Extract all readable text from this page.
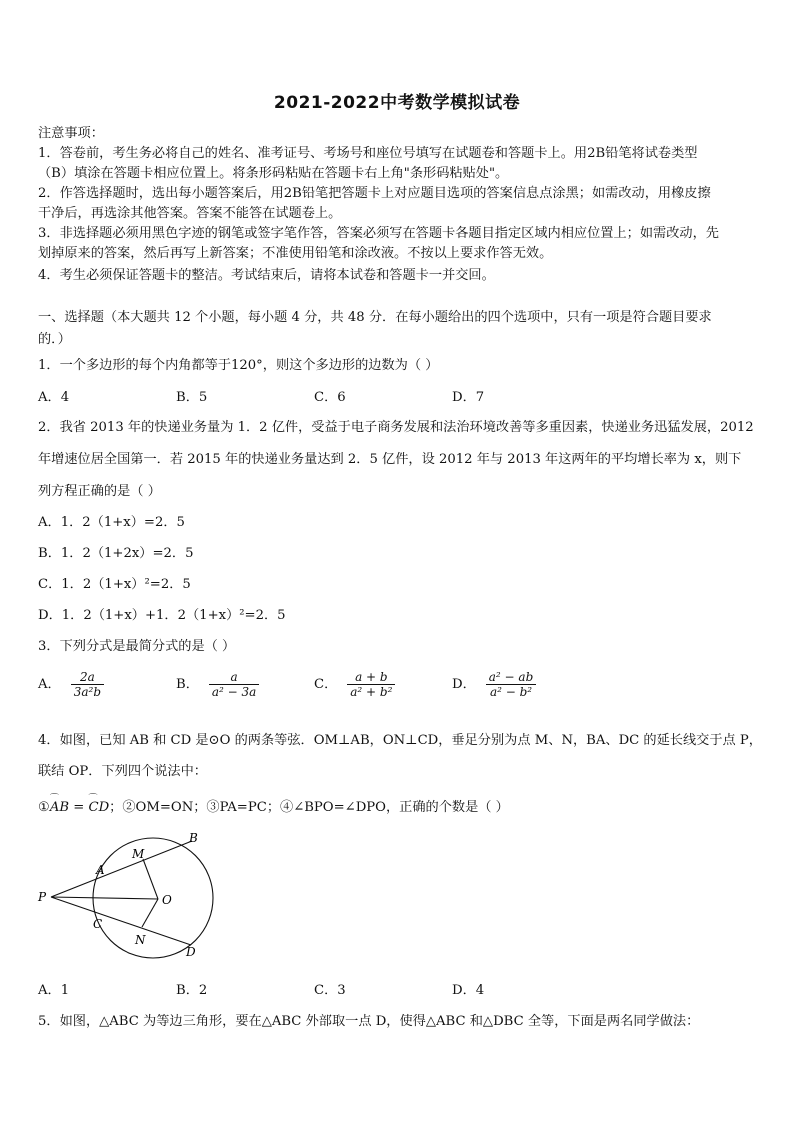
2021-2022中考数学模拟试卷
注意事项：
1．答卷前，考生务必将自己的姓名、准考证号、考场号和座位号填写在试题卷和答题卡上。用2B铅笔将试卷类型
（B）填涂在答题卡相应位置上。将条形码粘贴在答题卡右上角"条形码粘贴处"。
2．作答选择题时，选出每小题答案后，用2B铅笔把答题卡上对应题目选项的答案信息点涂黑；如需改动，用橡皮擦
干净后，再选涂其他答案。答案不能答在试题卷上。
3．非选择题必须用黑色字迹的钢笔或签字笔作答，答案必须写在答题卡各题目指定区域内相应位置上；如需改动，先
划掉原来的答案，然后再写上新答案；不准使用铅笔和涂改液。不按以上要求作答无效。
4．考生必须保证答题卡的整洁。考试结束后，请将本试卷和答题卡一并交回。
一、选择题（本大题共 12 个小题，每小题 4 分，共 48 分．在每小题给出的四个选项中，只有一项是符合题目要求
的．）
1．一个多边形的每个内角都等于120°，则这个多边形的边数为（ ）
A．4	B．5	C．6	D．7
2．我省 2013 年的快递业务量为 1．2 亿件，受益于电子商务发展和法治环境改善等多重因素，快递业务迅猛发展，2012
年增速位居全国第一．若 2015 年的快递业务量达到 2．5 亿件，设 2012 年与 2013 年这两年的平均增长率为 x，则下
列方程正确的是（ ）
A．1．2（1+x）=2．5
B．1．2（1+2x）=2．5
C．1．2（1+x）²=2．5
D．1．2（1+x）+1．2（1+x）²=2．5
3．下列分式是最简分式的是（ ）
A． $\frac{2a}{\text{3a²b}}$	B． $\frac{a}{\text{a² − 3a}}$	C． $\frac{a + b}{\text{a² + b²}}$	D． $\frac{\text{a² − ab}}{\text{a² − b²}}$
4．如图，已知 AB 和 CD 是⊙O 的两条等弦．OM⊥AB，ON⊥CD，垂足分别为点 M、N，BA、DC 的延长线交于点 P，
联结 OP．下列四个说法中：
①⌒ AB = ⌒ CD；②OM=ON；③PA=PC；④∠BPO=∠DPO，正确的个数是（ ）
P
A
B
M
O
C
N
D
A．1	B．2	C．3	D．4
5．如图，△ABC 为等边三角形，要在△ABC 外部取一点 D，使得△ABC 和△DBC 全等，下面是两名同学做法：
